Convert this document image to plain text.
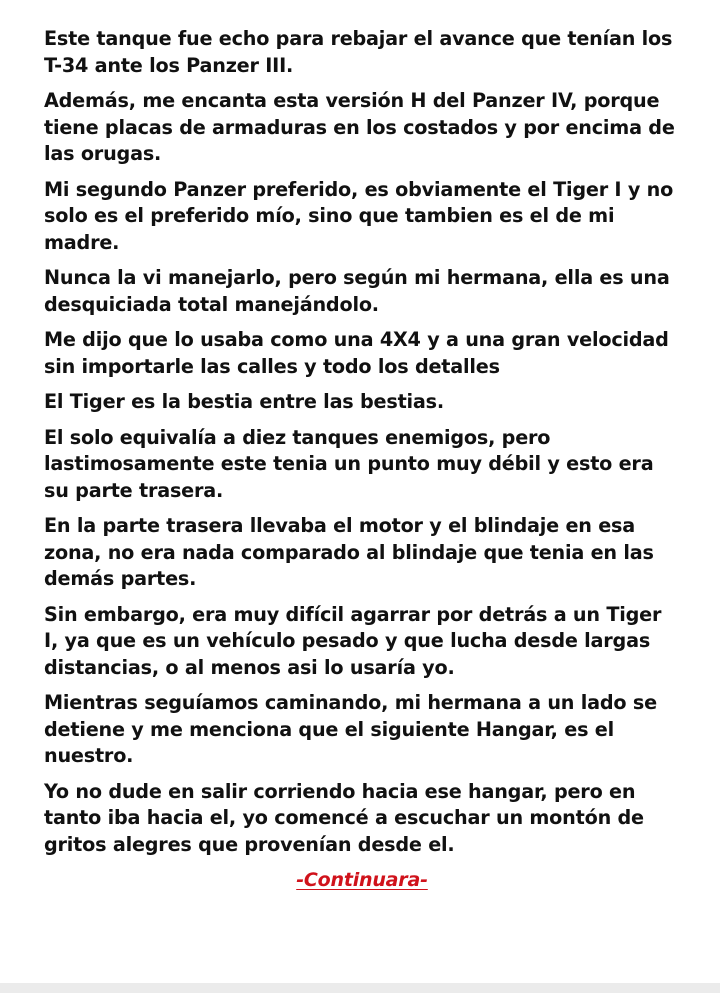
Este tanque fue echo para rebajar el avance que tenían los T-34 ante los Panzer III.

Además, me encanta esta versión H del Panzer IV, porque tiene placas de armaduras en los costados y por encima de las orugas.

Mi segundo Panzer preferido, es obviamente el Tiger I y no solo es el preferido mío, sino que tambien es el de mi madre.

Nunca la vi manejarlo, pero según mi hermana, ella es una desquiciada total manejándolo.

Me dijo que lo usaba como una 4X4 y a una gran velocidad sin importarle las calles y todo los detalles

El Tiger es la bestia entre las bestias.

El solo equivalía a diez tanques enemigos, pero lastimosamente este tenia un punto muy débil y esto era su parte trasera.

En la parte trasera llevaba el motor y el blindaje en esa zona, no era nada comparado al blindaje que tenia en las demás partes.

Sin embargo, era muy difícil agarrar por detrás a un Tiger I, ya que es un vehículo pesado y que lucha desde largas distancias, o al menos asi lo usaría yo.

Mientras seguíamos caminando, mi hermana a un lado se detiene y me menciona que el siguiente Hangar, es el nuestro.

Yo no dude en salir corriendo hacia ese hangar, pero en tanto iba hacia el, yo comencé a escuchar un montón de gritos alegres que provenían desde el.

-Continuara-
